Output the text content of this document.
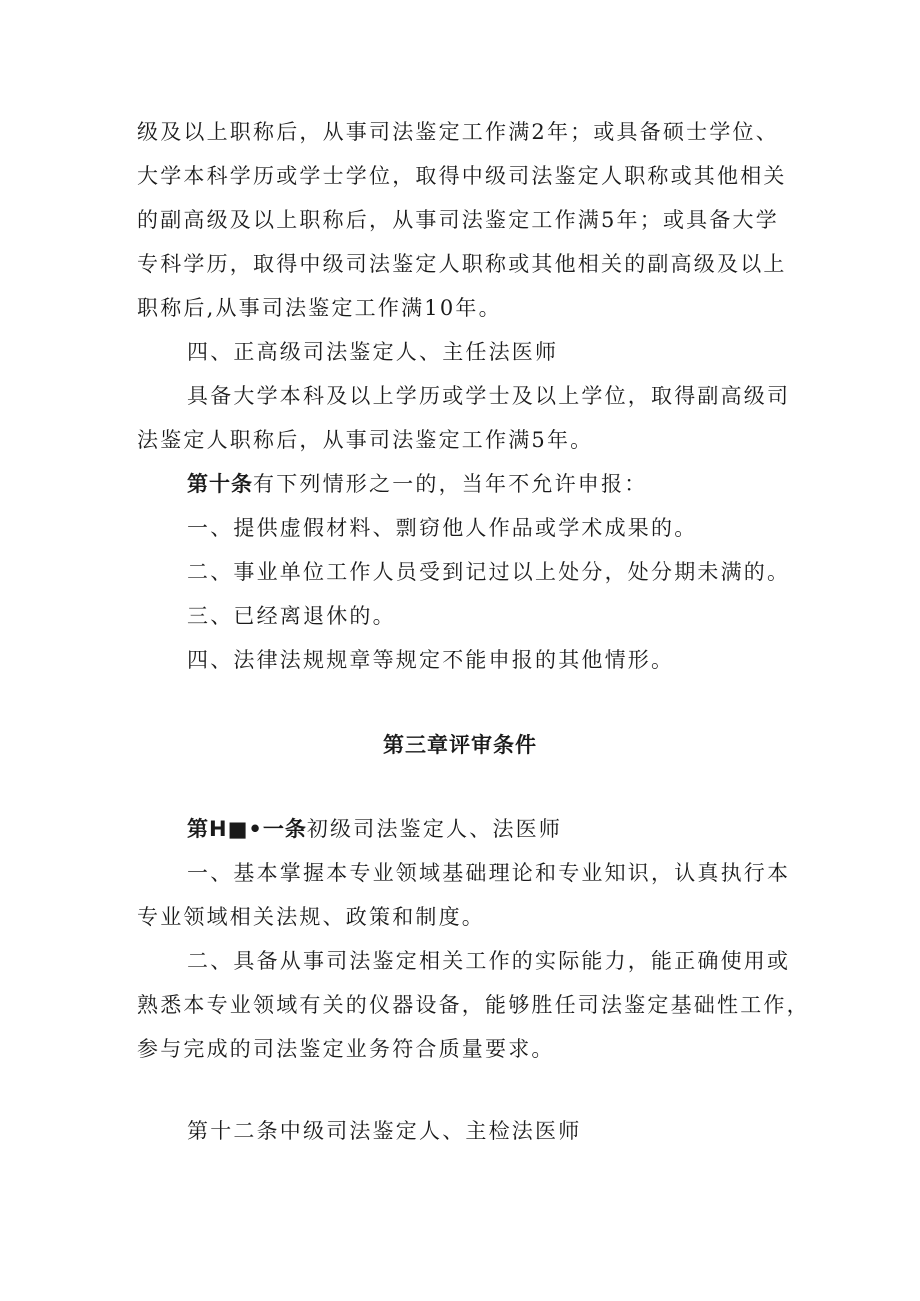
级及以上职称后，从事司法鉴定工作满2年；或具备硕士学位、
大学本科学历或学士学位，取得中级司法鉴定人职称或其他相关
的副高级及以上职称后，从事司法鉴定工作满5年；或具备大学
专科学历，取得中级司法鉴定人职称或其他相关的副高级及以上
职称后,从事司法鉴定工作满10年。
四、正高级司法鉴定人、主任法医师
具备大学本科及以上学历或学士及以上学位，取得副高级司
法鉴定人职称后，从事司法鉴定工作满5年。
第十条有下列情形之一的，当年不允许申报：
一、提供虚假材料、剽窃他人作品或学术成果的。
二、事业单位工作人员受到记过以上处分，处分期未满的。
三、已经离退休的。
四、法律法规规章等规定不能申报的其他情形。
第三章评审条件
第H■•一条初级司法鉴定人、法医师
一、基本掌握本专业领域基础理论和专业知识，认真执行本
专业领域相关法规、政策和制度。
二、具备从事司法鉴定相关工作的实际能力，能正确使用或
熟悉本专业领域有关的仪器设备，能够胜任司法鉴定基础性工作，
参与完成的司法鉴定业务符合质量要求。
第十二条中级司法鉴定人、主检法医师
